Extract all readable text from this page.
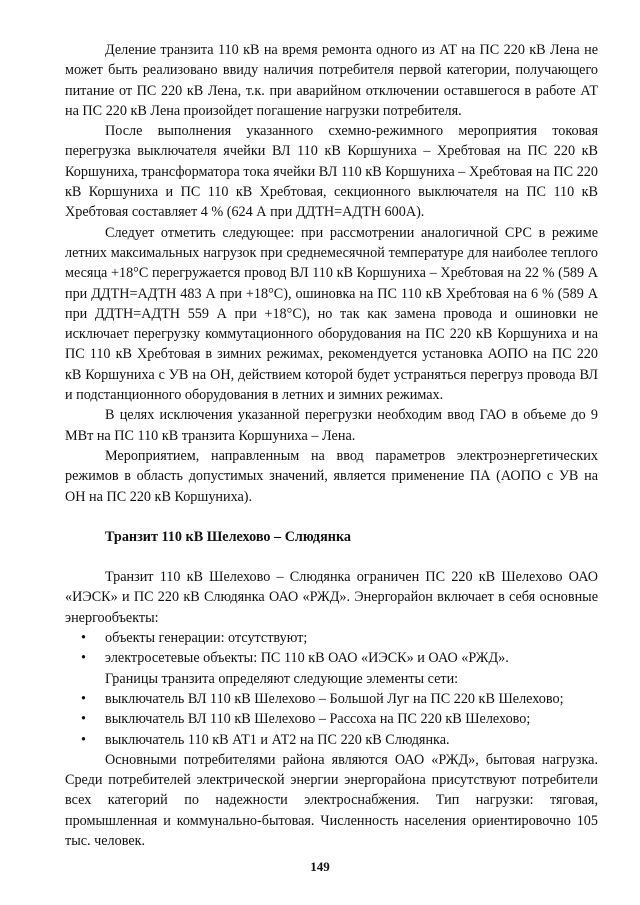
Деление транзита 110 кВ на время ремонта одного из АТ на ПС 220 кВ Лена не может быть реализовано ввиду наличия потребителя первой категории, получающего питание от ПС 220 кВ Лена, т.к. при аварийном отключении оставшегося в работе АТ на ПС 220 кВ Лена произойдет погашение нагрузки потребителя.

После выполнения указанного схемно-режимного мероприятия токовая перегрузка выключателя ячейки ВЛ 110 кВ Коршуниха – Хребтовая на ПС 220 кВ Коршуниха, трансформатора тока ячейки ВЛ 110 кВ Коршуниха – Хребтовая на ПС 220 кВ Коршуниха и ПС 110 кВ Хребтовая, секционного выключателя на ПС 110 кВ Хребтовая составляет 4 % (624 А при ДДТН=АДТН 600А).

Следует отметить следующее: при рассмотрении аналогичной СРС в режиме летних максимальных нагрузок при среднемесячной температуре для наиболее теплого месяца +18°С перегружается провод ВЛ 110 кВ Коршуниха – Хребтовая на 22 % (589 А при ДДТН=АДТН 483 А при +18°С), ошиновка на ПС 110 кВ Хребтовая на 6 % (589 А при ДДТН=АДТН 559 А при +18°С), но так как замена провода и ошиновки не исключает перегрузку коммутационного оборудования на ПС 220 кВ Коршуниха и на ПС 110 кВ Хребтовая в зимних режимах, рекомендуется установка АОПО на ПС 220 кВ Коршуниха с УВ на ОН, действием которой будет устраняться перегруз провода ВЛ и подстанционного оборудования в летних и зимних режимах.

В целях исключения указанной перегрузки необходим ввод ГАО в объеме до 9 МВт на ПС 110 кВ транзита Коршуниха – Лена.

Мероприятием, направленным на ввод параметров электроэнергетических режимов в область допустимых значений, является применение ПА (АОПО с УВ на ОН на ПС 220 кВ Коршуниха).

Транзит 110 кВ Шелехово – Слюдянка

Транзит 110 кВ Шелехово – Слюдянка ограничен ПС 220 кВ Шелехово ОАО «ИЭСК» и ПС 220 кВ Слюдянка ОАО «РЖД». Энергорайон включает в себя основные энергообъекты:

• объекты генерации: отсутствуют;
• электросетевые объекты: ПС 110 кВ ОАО «ИЭСК» и ОАО «РЖД».

Границы транзита определяют следующие элементы сети:

• выключатель ВЛ 110 кВ Шелехово – Большой Луг на ПС 220 кВ Шелехово;
• выключатель ВЛ 110 кВ Шелехово – Рассоха на ПС 220 кВ Шелехово;
• выключатель 110 кВ АТ1 и АТ2 на ПС 220 кВ Слюдянка.

Основными потребителями района являются ОАО «РЖД», бытовая нагрузка. Среди потребителей электрической энергии энергорайона присутствуют потребители всех категорий по надежности электроснабжения. Тип нагрузки: тяговая, промышленная и коммунально-бытовая. Численность населения ориентировочно 105 тыс. человек.

149
